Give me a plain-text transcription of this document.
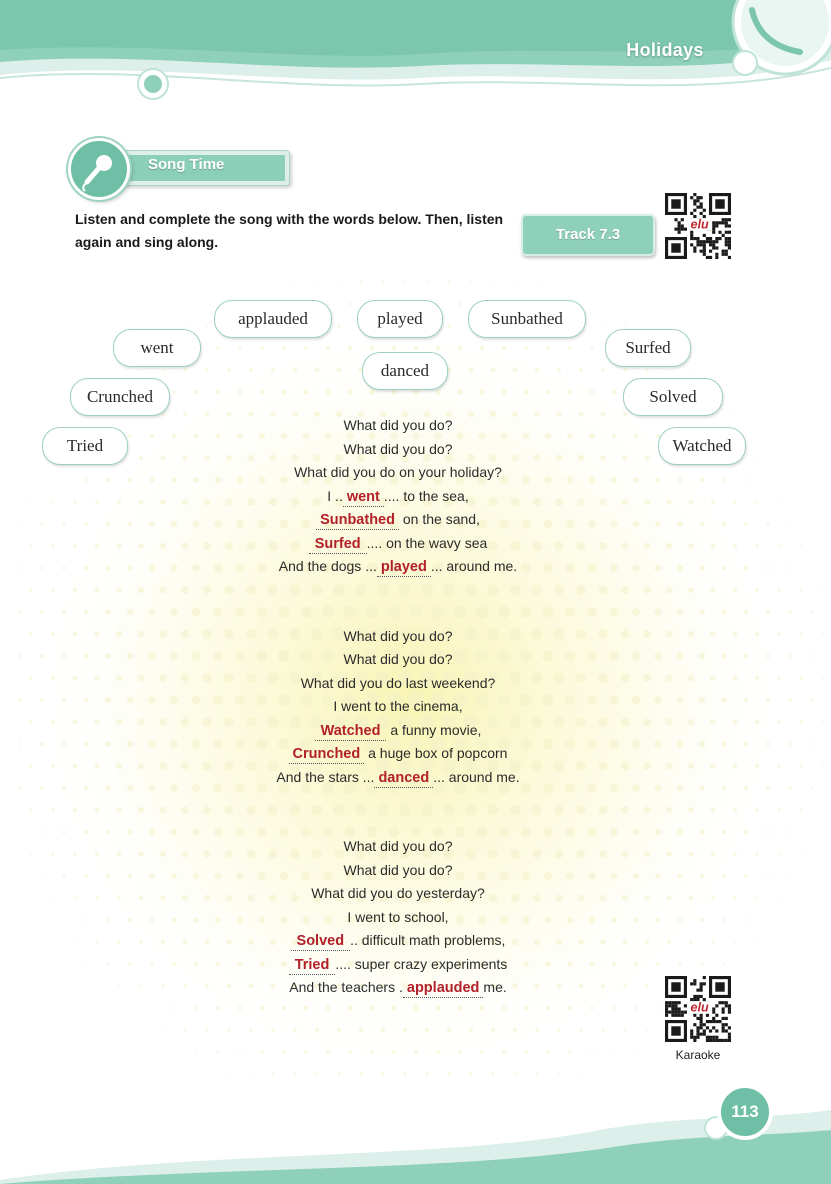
Holidays
Song Time
Listen and complete the song with the words below. Then, listen again and sing along.	Track 7.3
elu
elu
Karaoke
applauded	played	Sunbathed
went	Surfed
danced
Crunched	Solved
Tried	Watched
What did you do?
What did you do?
What did you do on your holiday?
I .. went .... to the sea,
Sunbathed on the sand,
Surfed .... on the wavy sea
And the dogs ... played ... around me.
What did you do?
What did you do?
What did you do last weekend?
I went to the cinema,
Watched a funny movie,
Crunched a huge box of popcorn
And the stars ... danced ... around me.
What did you do?
What did you do?
What did you do yesterday?
I went to school,
Solved .. difficult math problems,
Tried .... super crazy experiments
And the teachers . applauded me.
113
